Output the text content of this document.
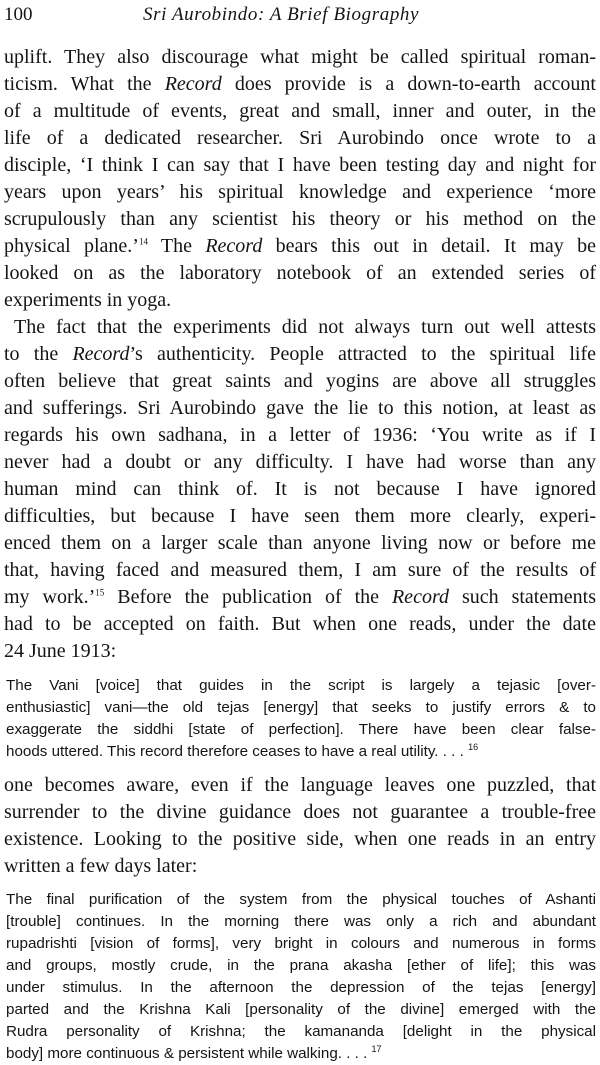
100	Sri Aurobindo: A Brief Biography
uplift. They also discourage what might be called spiritual roman-
ticism. What the Record does provide is a down-to-earth account
of a multitude of events, great and small, inner and outer, in the
life of a dedicated researcher. Sri Aurobindo once wrote to a
disciple, ‘I think I can say that I have been testing day and night for
years upon years’ his spiritual knowledge and experience ‘more
scrupulously than any scientist his theory or his method on the
physical plane.’$^{14}$ The Record bears this out in detail. It may be
looked on as the laboratory notebook of an extended series of
experiments in yoga.
The fact that the experiments did not always turn out well attests
to the Record’s authenticity. People attracted to the spiritual life
often believe that great saints and yogins are above all struggles
and sufferings. Sri Aurobindo gave the lie to this notion, at least as
regards his own sadhana, in a letter of 1936: ‘You write as if I
never had a doubt or any difficulty. I have had worse than any
human mind can think of. It is not because I have ignored
difficulties, but because I have seen them more clearly, experi-
enced them on a larger scale than anyone living now or before me
that, having faced and measured them, I am sure of the results of
my work.’$^{15}$ Before the publication of the Record such statements
had to be accepted on faith. But when one reads, under the date
24 June 1913:
The Vani [voice] that guides in the script is largely a tejasic [over-
enthusiastic] vani—the old tejas [energy] that seeks to justify errors & to
exaggerate the siddhi [state of perfection]. There have been clear false-
hoods uttered. This record therefore ceases to have a real utility. . . . $^{16}$
one becomes aware, even if the language leaves one puzzled, that
surrender to the divine guidance does not guarantee a trouble-free
existence. Looking to the positive side, when one reads in an entry
written a few days later:
The final purification of the system from the physical touches of Ashanti
[trouble] continues. In the morning there was only a rich and abundant
rupadrishti [vision of forms], very bright in colours and numerous in forms
and groups, mostly crude, in the prana akasha [ether of life]; this was
under stimulus. In the afternoon the depression of the tejas [energy]
parted and the Krishna Kali [personality of the divine] emerged with the
Rudra personality of Krishna; the kamananda [delight in the physical
body] more continuous & persistent while walking. . . . $^{17}$
